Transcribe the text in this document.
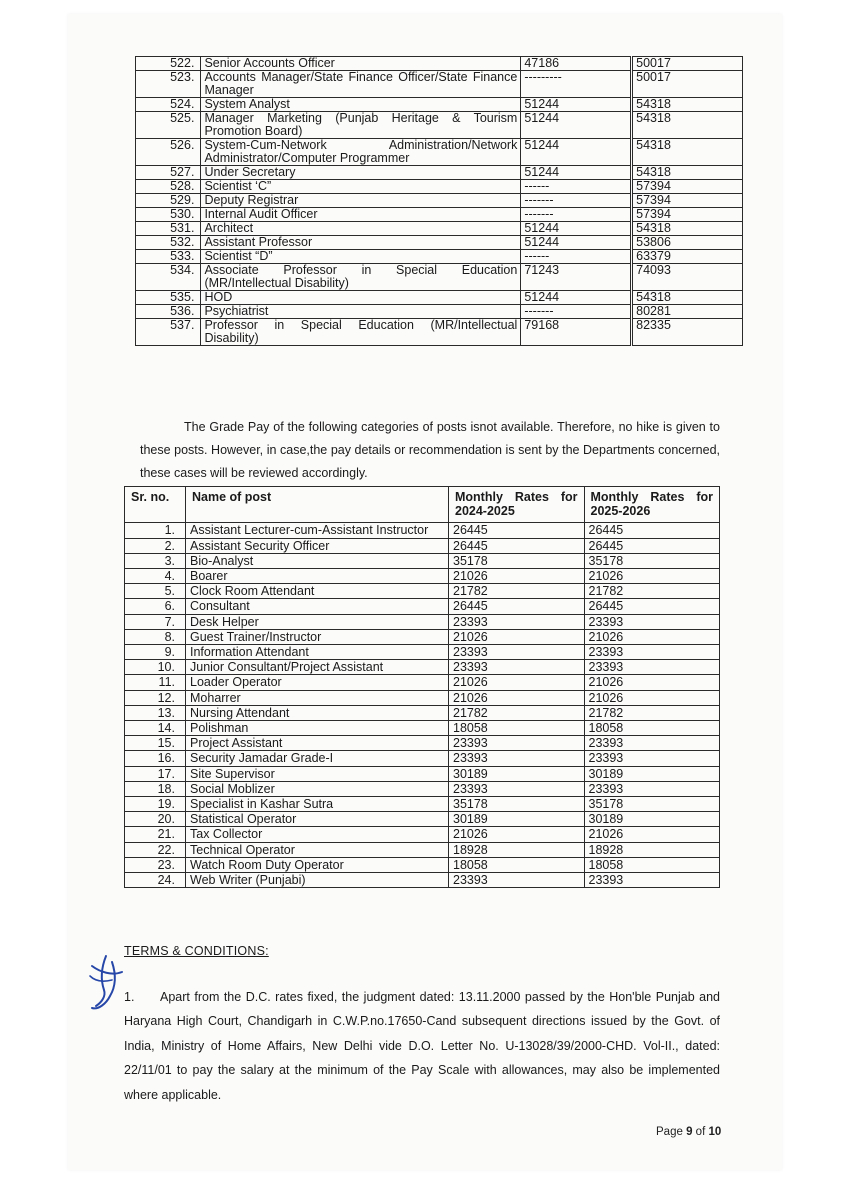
522.	Senior Accounts Officer	47186		50017
523.	Accounts Manager/State Finance Officer/State Finance Manager	---------		50017
524.	System Analyst	51244		54318
525.	Manager Marketing (Punjab Heritage & Tourism Promotion Board)	51244		54318
526.	System-Cum-Network Administration/Network Administrator/Computer Programmer	51244		54318
527.	Under Secretary	51244		54318
528.	Scientist ‘C”	------		57394
529.	Deputy Registrar	-------		57394
530.	Internal Audit Officer	-------		57394
531.	Architect	51244		54318
532.	Assistant Professor	51244		53806
533.	Scientist “D”	------		63379
534.	Associate Professor in Special Education (MR/Intellectual Disability)	71243		74093
535.	HOD	51244		54318
536.	Psychiatrist	-------		80281
537.	Professor in Special Education (MR/Intellectual Disability)	79168		82335

The Grade Pay of the following categories of posts isnot available. Therefore, no hike is given to these posts. However, in case,the pay details or recommendation is sent by the Departments concerned, these cases will be reviewed accordingly.

Sr. no.	Name of post	Monthly Rates for 2024-2025	Monthly Rates for 2025-2026
1.	Assistant Lecturer-cum-Assistant Instructor	26445	26445
2.	Assistant Security Officer	26445	26445
3.	Bio-Analyst	35178	35178
4.	Boarer	21026	21026
5.	Clock Room Attendant	21782	21782
6.	Consultant	26445	26445
7.	Desk Helper	23393	23393
8.	Guest Trainer/Instructor	21026	21026
9.	Information Attendant	23393	23393
10.	Junior Consultant/Project Assistant	23393	23393
11.	Loader Operator	21026	21026
12.	Moharrer	21026	21026
13.	Nursing Attendant	21782	21782
14.	Polishman	18058	18058
15.	Project Assistant	23393	23393
16.	Security Jamadar Grade-I	23393	23393
17.	Site Supervisor	30189	30189
18.	Social Moblizer	23393	23393
19.	Specialist in Kashar Sutra	35178	35178
20.	Statistical Operator	30189	30189
21.	Tax Collector	21026	21026
22.	Technical Operator	18928	18928
23.	Watch Room Duty Operator	18058	18058
24.	Web Writer (Punjabi)	23393	23393
TERMS & CONDITIONS:

1. Apart from the D.C. rates fixed, the judgment dated: 13.11.2000 passed by the Hon'ble Punjab and Haryana High Court, Chandigarh in C.W.P.no.17650-Cand subsequent directions issued by the Govt. of India, Ministry of Home Affairs, New Delhi vide D.O. Letter No. U-13028/39/2000-CHD. Vol-II., dated: 22/11/01 to pay the salary at the minimum of the Pay Scale with allowances, may also be implemented where applicable.

Page 9 of 10
